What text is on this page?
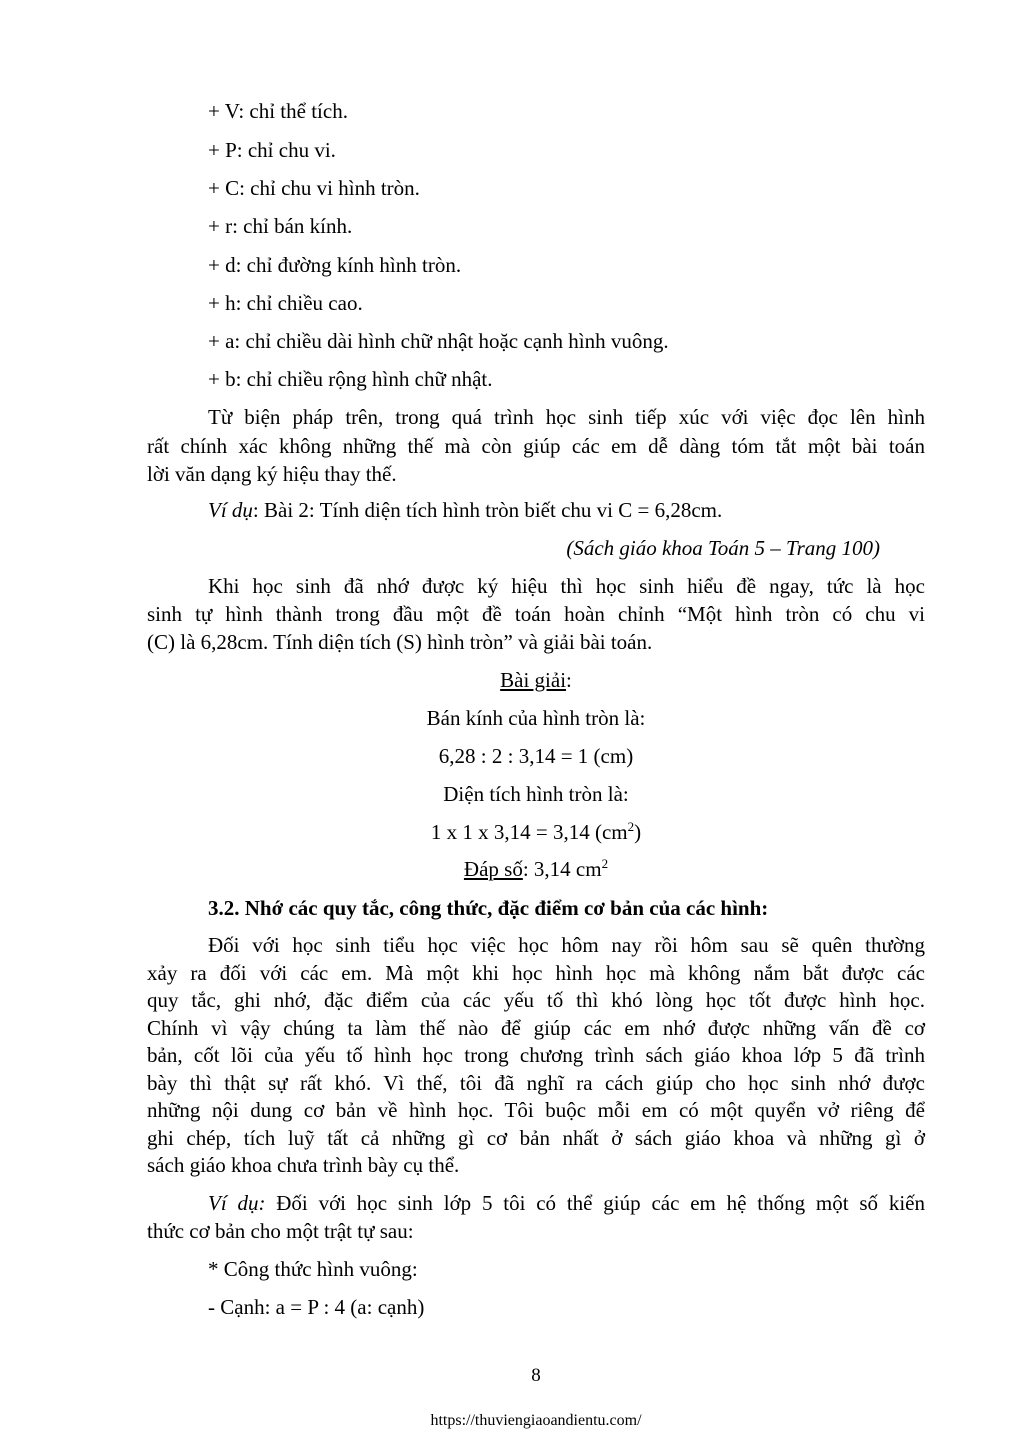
+ V: chỉ thể tích.
+ P: chỉ chu vi.
+ C: chỉ chu vi hình tròn.
+ r: chỉ bán kính.
+ d: chỉ đường kính hình tròn.
+ h: chỉ chiều cao.
+ a: chỉ chiều dài hình chữ nhật hoặc cạnh hình vuông.
+ b: chỉ chiều rộng hình chữ nhật.
Từ biện pháp trên, trong quá trình học sinh tiếp xúc với việc đọc lên hình
rất chính xác không những thế mà còn giúp các em dễ dàng tóm tắt một bài toán
lời văn dạng ký hiệu thay thế.
Ví dụ: Bài 2: Tính diện tích hình tròn biết chu vi C = 6,28cm.
(Sách giáo khoa Toán 5 – Trang 100)
Khi học sinh đã nhớ được ký hiệu thì học sinh hiểu đề ngay, tức là học
sinh tự hình thành trong đầu một đề toán hoàn chỉnh “Một hình tròn có chu vi
(C) là 6,28cm. Tính diện tích (S) hình tròn” và giải bài toán.
Bài giải:
Bán kính của hình tròn là:
6,28 : 2 : 3,14 = 1 (cm)
Diện tích hình tròn là:
1 x 1 x 3,14 = 3,14 $(cm^2)$
Đáp số: 3,14 $cm^2$
3.2. Nhớ các quy tắc, công thức, đặc điểm cơ bản của các hình:
Đối với học sinh tiểu học việc học hôm nay rồi hôm sau sẽ quên thường
xảy ra đối với các em. Mà một khi học hình học mà không nắm bắt được các
quy tắc, ghi nhớ, đặc điểm của các yếu tố thì khó lòng học tốt được hình học.
Chính vì vậy chúng ta làm thế nào để giúp các em nhớ được những vấn đề cơ
bản, cốt lõi của yếu tố hình học trong chương trình sách giáo khoa lớp 5 đã trình
bày thì thật sự rất khó. Vì thế, tôi đã nghĩ ra cách giúp cho học sinh nhớ được
những nội dung cơ bản về hình học. Tôi buộc mỗi em có một quyển vở riêng để
ghi chép, tích luỹ tất cả những gì cơ bản nhất ở sách giáo khoa và những gì ở
sách giáo khoa chưa trình bày cụ thể.
Ví dụ: Đối với học sinh lớp 5 tôi có thể giúp các em hệ thống một số kiến
thức cơ bản cho một trật tự sau:
* Công thức hình vuông:
- Cạnh: a = P : 4 (a: cạnh)
8
https://thuviengiaoandientu.com/
